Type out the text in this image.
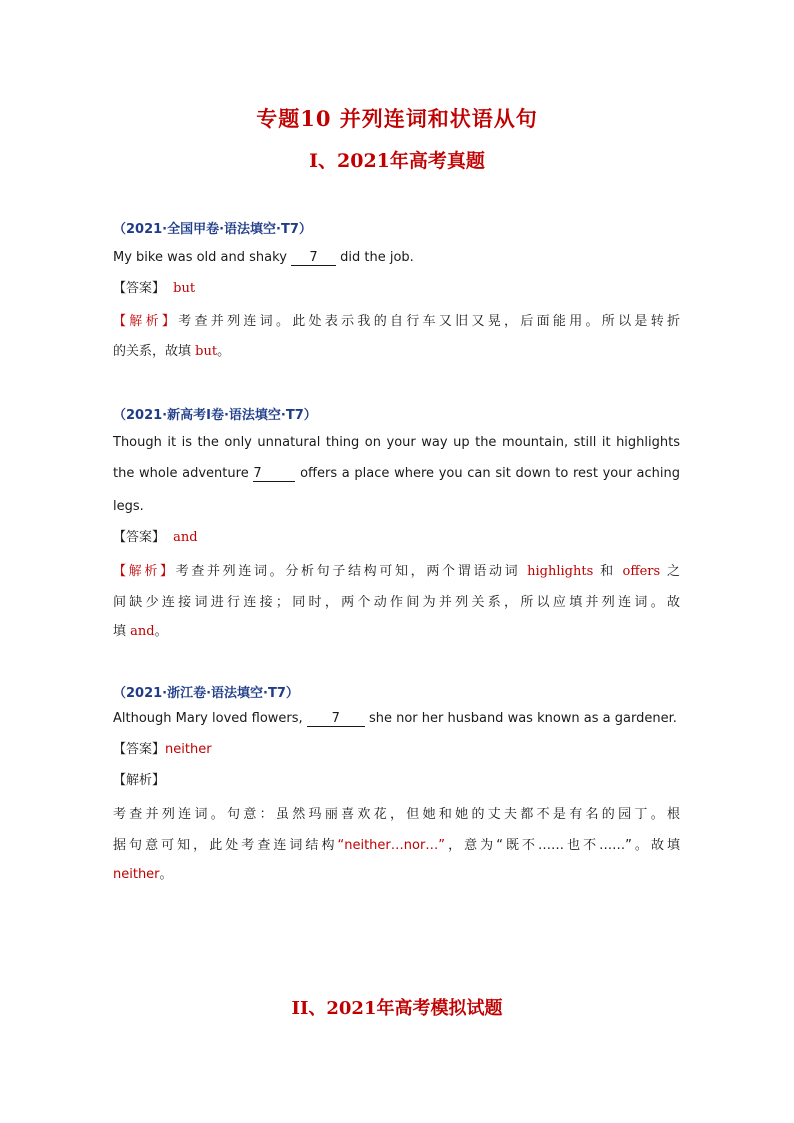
专题10 并列连词和状语从句
I、2021年高考真题
（2021·全国甲卷·语法填空·T7）
My bike was old and shaky 7 did the job.
【答案】 but
【解析】考查并列连词。此处表示我的自行车又旧又晃，后面能用。所以是转折
的关系，故填 but。
（2021·新高考I卷·语法填空·T7）
Though it is the only unnatural thing on your way up the mountain, still it highlights
the whole adventure 7	offers a place where you can sit down to rest your aching
legs.
【答案】 and
【解析】考查并列连词。分析句子结构可知，两个谓语动词 highlights 和 offers 之
间缺少连接词进行连接；同时，两个动作间为并列关系，所以应填并列连词。故
填 and。
（2021·浙江卷·语法填空·T7）
Although Mary loved flowers, 7 she nor her husband was known as a gardener.
【答案】neither
【解析】
考查并列连词。句意：虽然玛丽喜欢花，但她和她的丈夫都不是有名的园丁。根
据句意可知，此处考查连词结构“neither…nor…”，意为“既不……也不……”。故填
neither。
II、2021年高考模拟试题
